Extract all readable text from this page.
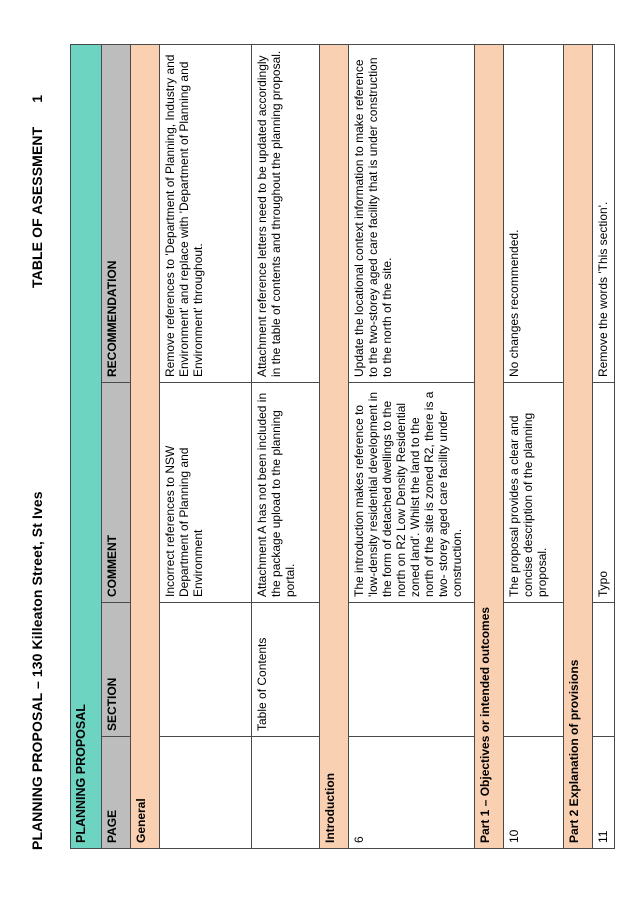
PLANNING PROPOSAL – 130 Killeaton Street, St Ives
TABLE OF ASESSMENT1
PLANNING PROPOSAL			
PAGE	SECTION	COMMENT	RECOMMENDATION
General			
		Incorrect references to NSW Department of Planning and Environment	Remove references to 'Department of Planning, Industry and Environment' and replace with 'Department of Planning and Environment' throughout.
	Table of Contents	Attachment A has not been included in the package upload to the planning portal.	Attachment reference letters need to be updated accordingly in the table of contents and throughout the planning proposal.
Introduction			
6		The introduction makes reference to 'low-density residential development in the form of detached dwellings to the north on R2 Low Density Residential zoned land'. Whilst the land to the north of the site is zoned R2, there is a two- storey aged care facility under construction.	Update the locational context information to make reference to the two-storey aged care facility that is under construction to the north of the site.
Part 1 – Objectives or intended outcomes			
10		The proposal provides a clear and concise description of the planning proposal.	No changes recommended.
Part 2 Explanation of provisions			
11		Typo	Remove the words 'This section'.
